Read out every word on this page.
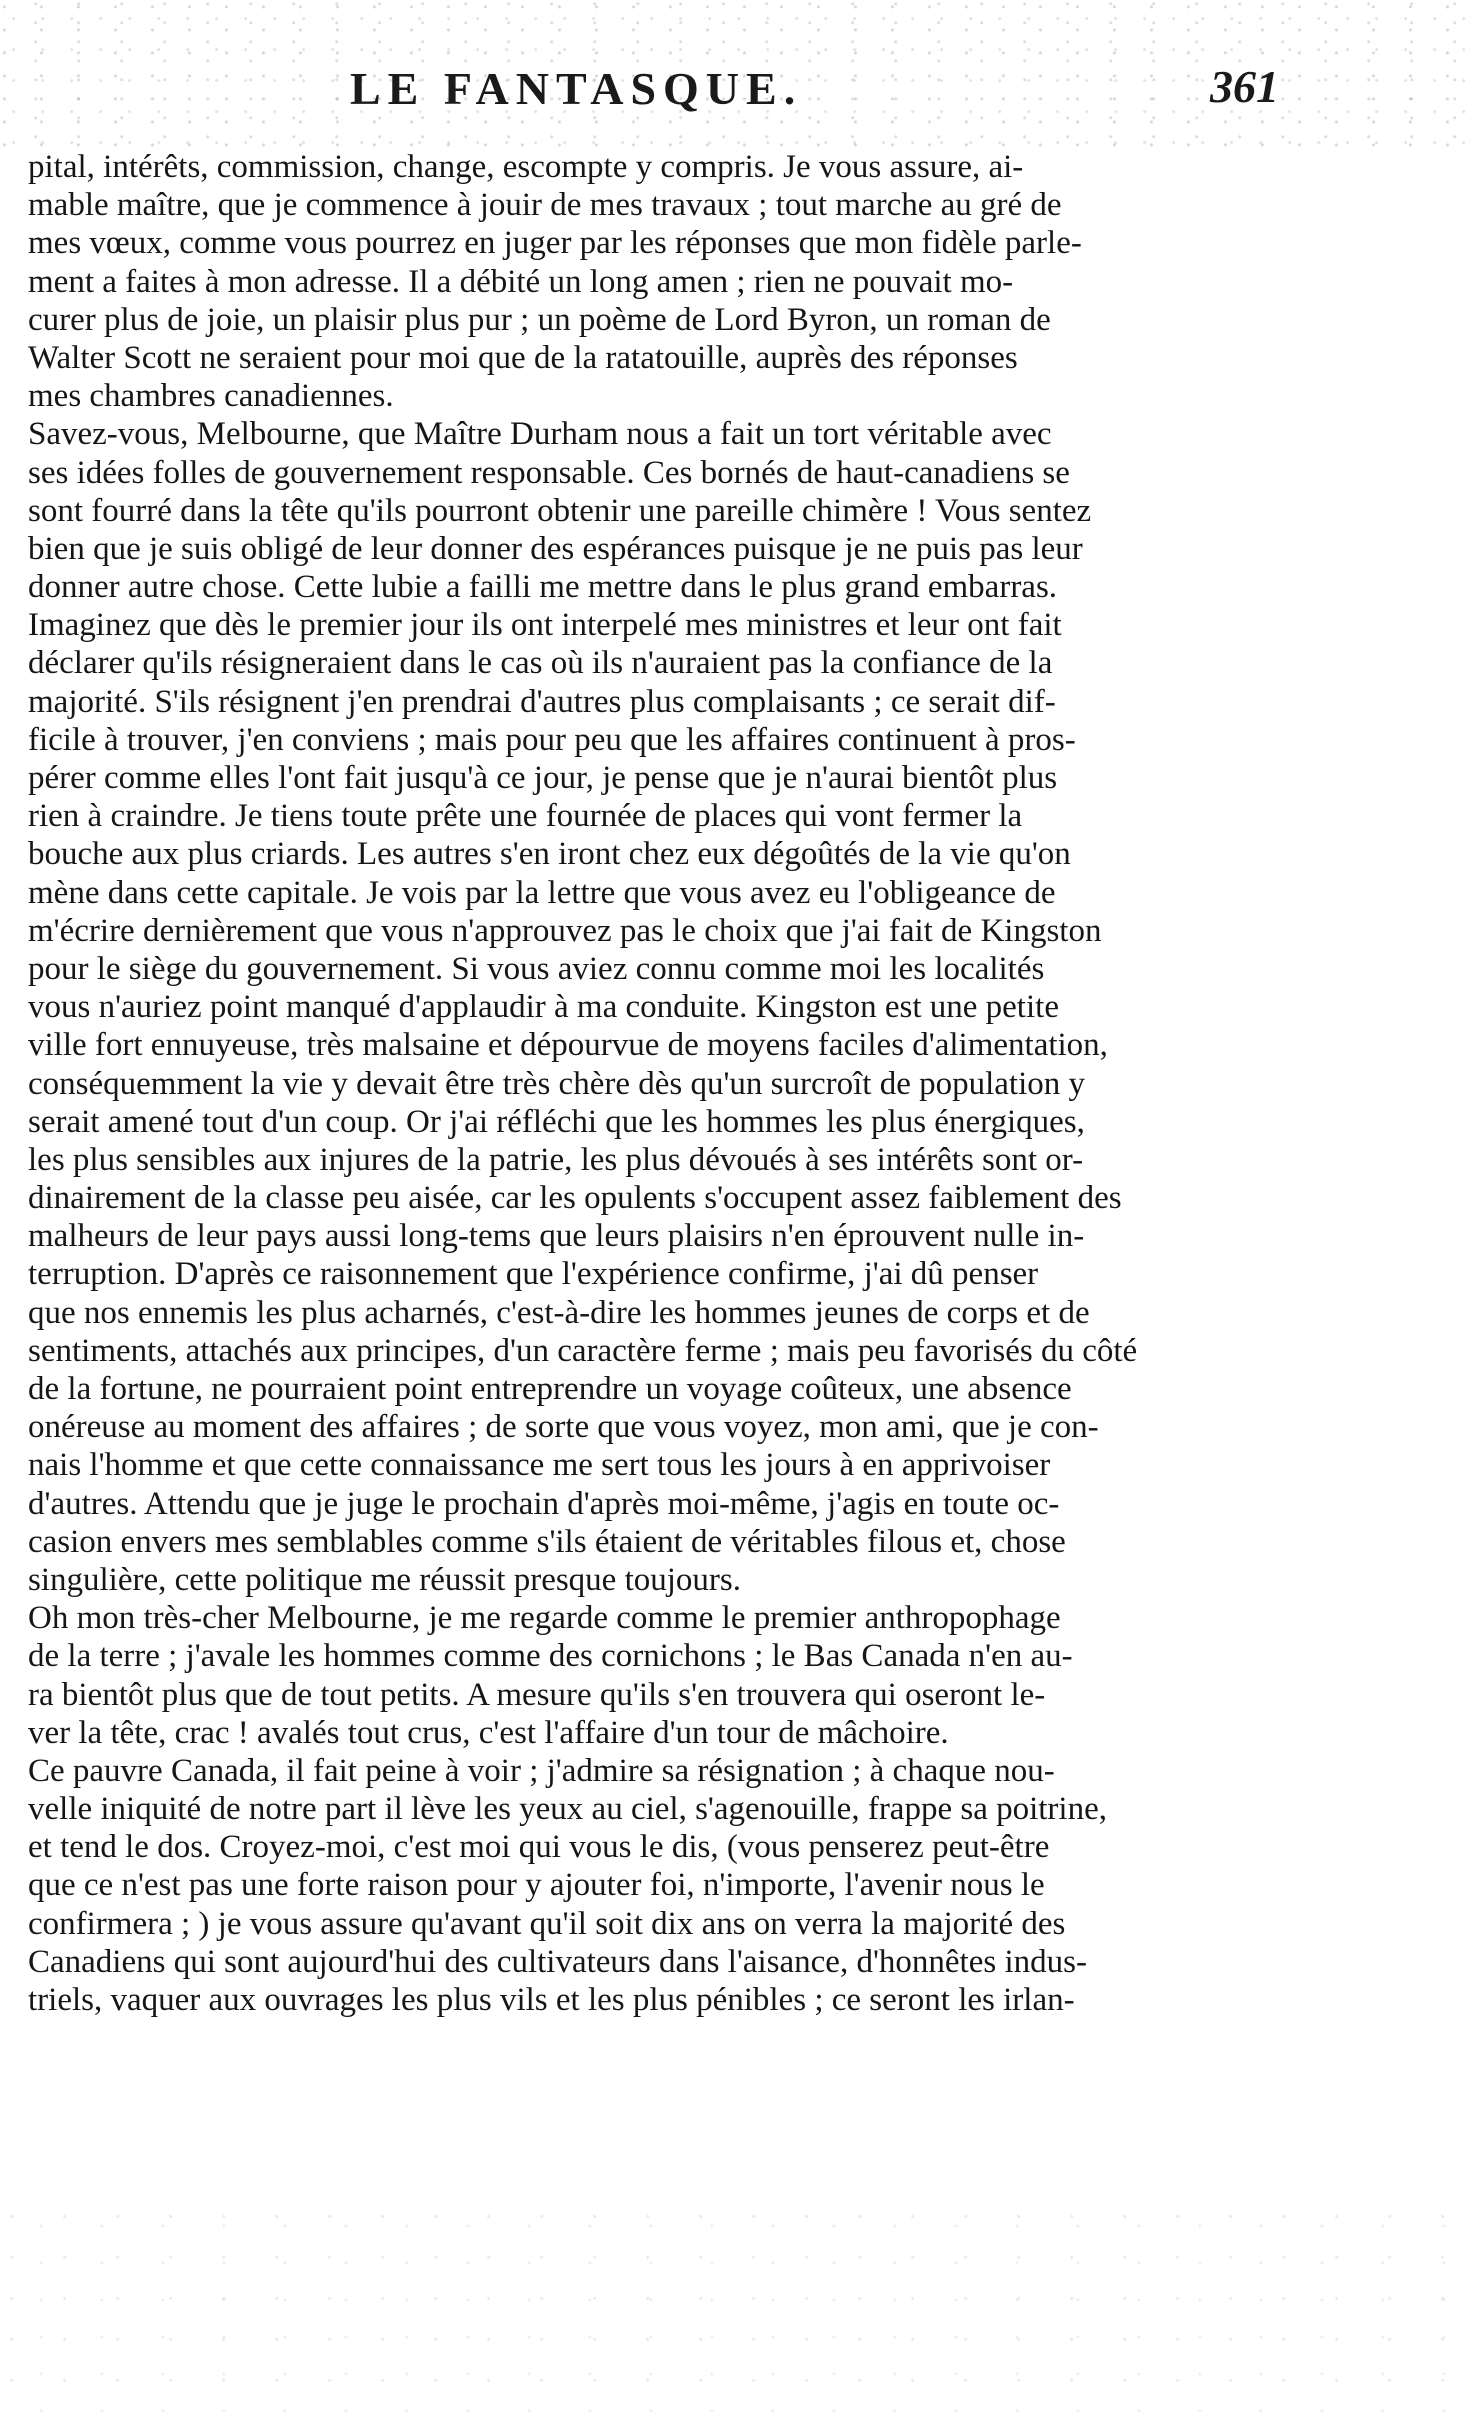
LE FANTASQUE.	361
pital, intérêts, commission, change, escompte y compris. Je vous assure, ai-
mable maître, que je commence à jouir de mes travaux ; tout marche au gré de
mes vœux, comme vous pourrez en juger par les réponses que mon fidèle parle-
ment a faites à mon adresse. Il a débité un long amen ; rien ne pouvait mo-
curer plus de joie, un plaisir plus pur ; un poème de Lord Byron, un roman de
Walter Scott ne seraient pour moi que de la ratatouille, auprès des réponses
mes chambres canadiennes.
Savez-vous, Melbourne, que Maître Durham nous a fait un tort véritable avec
ses idées folles de gouvernement responsable. Ces bornés de haut-canadiens se
sont fourré dans la tête qu'ils pourront obtenir une pareille chimère ! Vous sentez
bien que je suis obligé de leur donner des espérances puisque je ne puis pas leur
donner autre chose. Cette lubie a failli me mettre dans le plus grand embarras.
Imaginez que dès le premier jour ils ont interpelé mes ministres et leur ont fait
déclarer qu'ils résigneraient dans le cas où ils n'auraient pas la confiance de la
majorité. S'ils résignent j'en prendrai d'autres plus complaisants ; ce serait dif-
ficile à trouver, j'en conviens ; mais pour peu que les affaires continuent à pros-
pérer comme elles l'ont fait jusqu'à ce jour, je pense que je n'aurai bientôt plus
rien à craindre. Je tiens toute prête une fournée de places qui vont fermer la
bouche aux plus criards. Les autres s'en iront chez eux dégoûtés de la vie qu'on
mène dans cette capitale. Je vois par la lettre que vous avez eu l'obligeance de
m'écrire dernièrement que vous n'approuvez pas le choix que j'ai fait de Kingston
pour le siège du gouvernement. Si vous aviez connu comme moi les localités
vous n'auriez point manqué d'applaudir à ma conduite. Kingston est une petite
ville fort ennuyeuse, très malsaine et dépourvue de moyens faciles d'alimentation,
conséquemment la vie y devait être très chère dès qu'un surcroît de population y
serait amené tout d'un coup. Or j'ai réfléchi que les hommes les plus énergiques,
les plus sensibles aux injures de la patrie, les plus dévoués à ses intérêts sont or-
dinairement de la classe peu aisée, car les opulents s'occupent assez faiblement des
malheurs de leur pays aussi long-tems que leurs plaisirs n'en éprouvent nulle in-
terruption. D'après ce raisonnement que l'expérience confirme, j'ai dû penser
que nos ennemis les plus acharnés, c'est-à-dire les hommes jeunes de corps et de
sentiments, attachés aux principes, d'un caractère ferme ; mais peu favorisés du côté
de la fortune, ne pourraient point entreprendre un voyage coûteux, une absence
onéreuse au moment des affaires ; de sorte que vous voyez, mon ami, que je con-
nais l'homme et que cette connaissance me sert tous les jours à en apprivoiser
d'autres. Attendu que je juge le prochain d'après moi-même, j'agis en toute oc-
casion envers mes semblables comme s'ils étaient de véritables filous et, chose
singulière, cette politique me réussit presque toujours.
Oh mon très-cher Melbourne, je me regarde comme le premier anthropophage
de la terre ; j'avale les hommes comme des cornichons ; le Bas Canada n'en au-
ra bientôt plus que de tout petits. A mesure qu'ils s'en trouvera qui oseront le-
ver la tête, crac ! avalés tout crus, c'est l'affaire d'un tour de mâchoire.
Ce pauvre Canada, il fait peine à voir ; j'admire sa résignation ; à chaque nou-
velle iniquité de notre part il lève les yeux au ciel, s'agenouille, frappe sa poitrine,
et tend le dos. Croyez-moi, c'est moi qui vous le dis, (vous penserez peut-être
que ce n'est pas une forte raison pour y ajouter foi, n'importe, l'avenir nous le
confirmera ; ) je vous assure qu'avant qu'il soit dix ans on verra la majorité des
Canadiens qui sont aujourd'hui des cultivateurs dans l'aisance, d'honnêtes indus-
triels, vaquer aux ouvrages les plus vils et les plus pénibles ; ce seront les irlan-
